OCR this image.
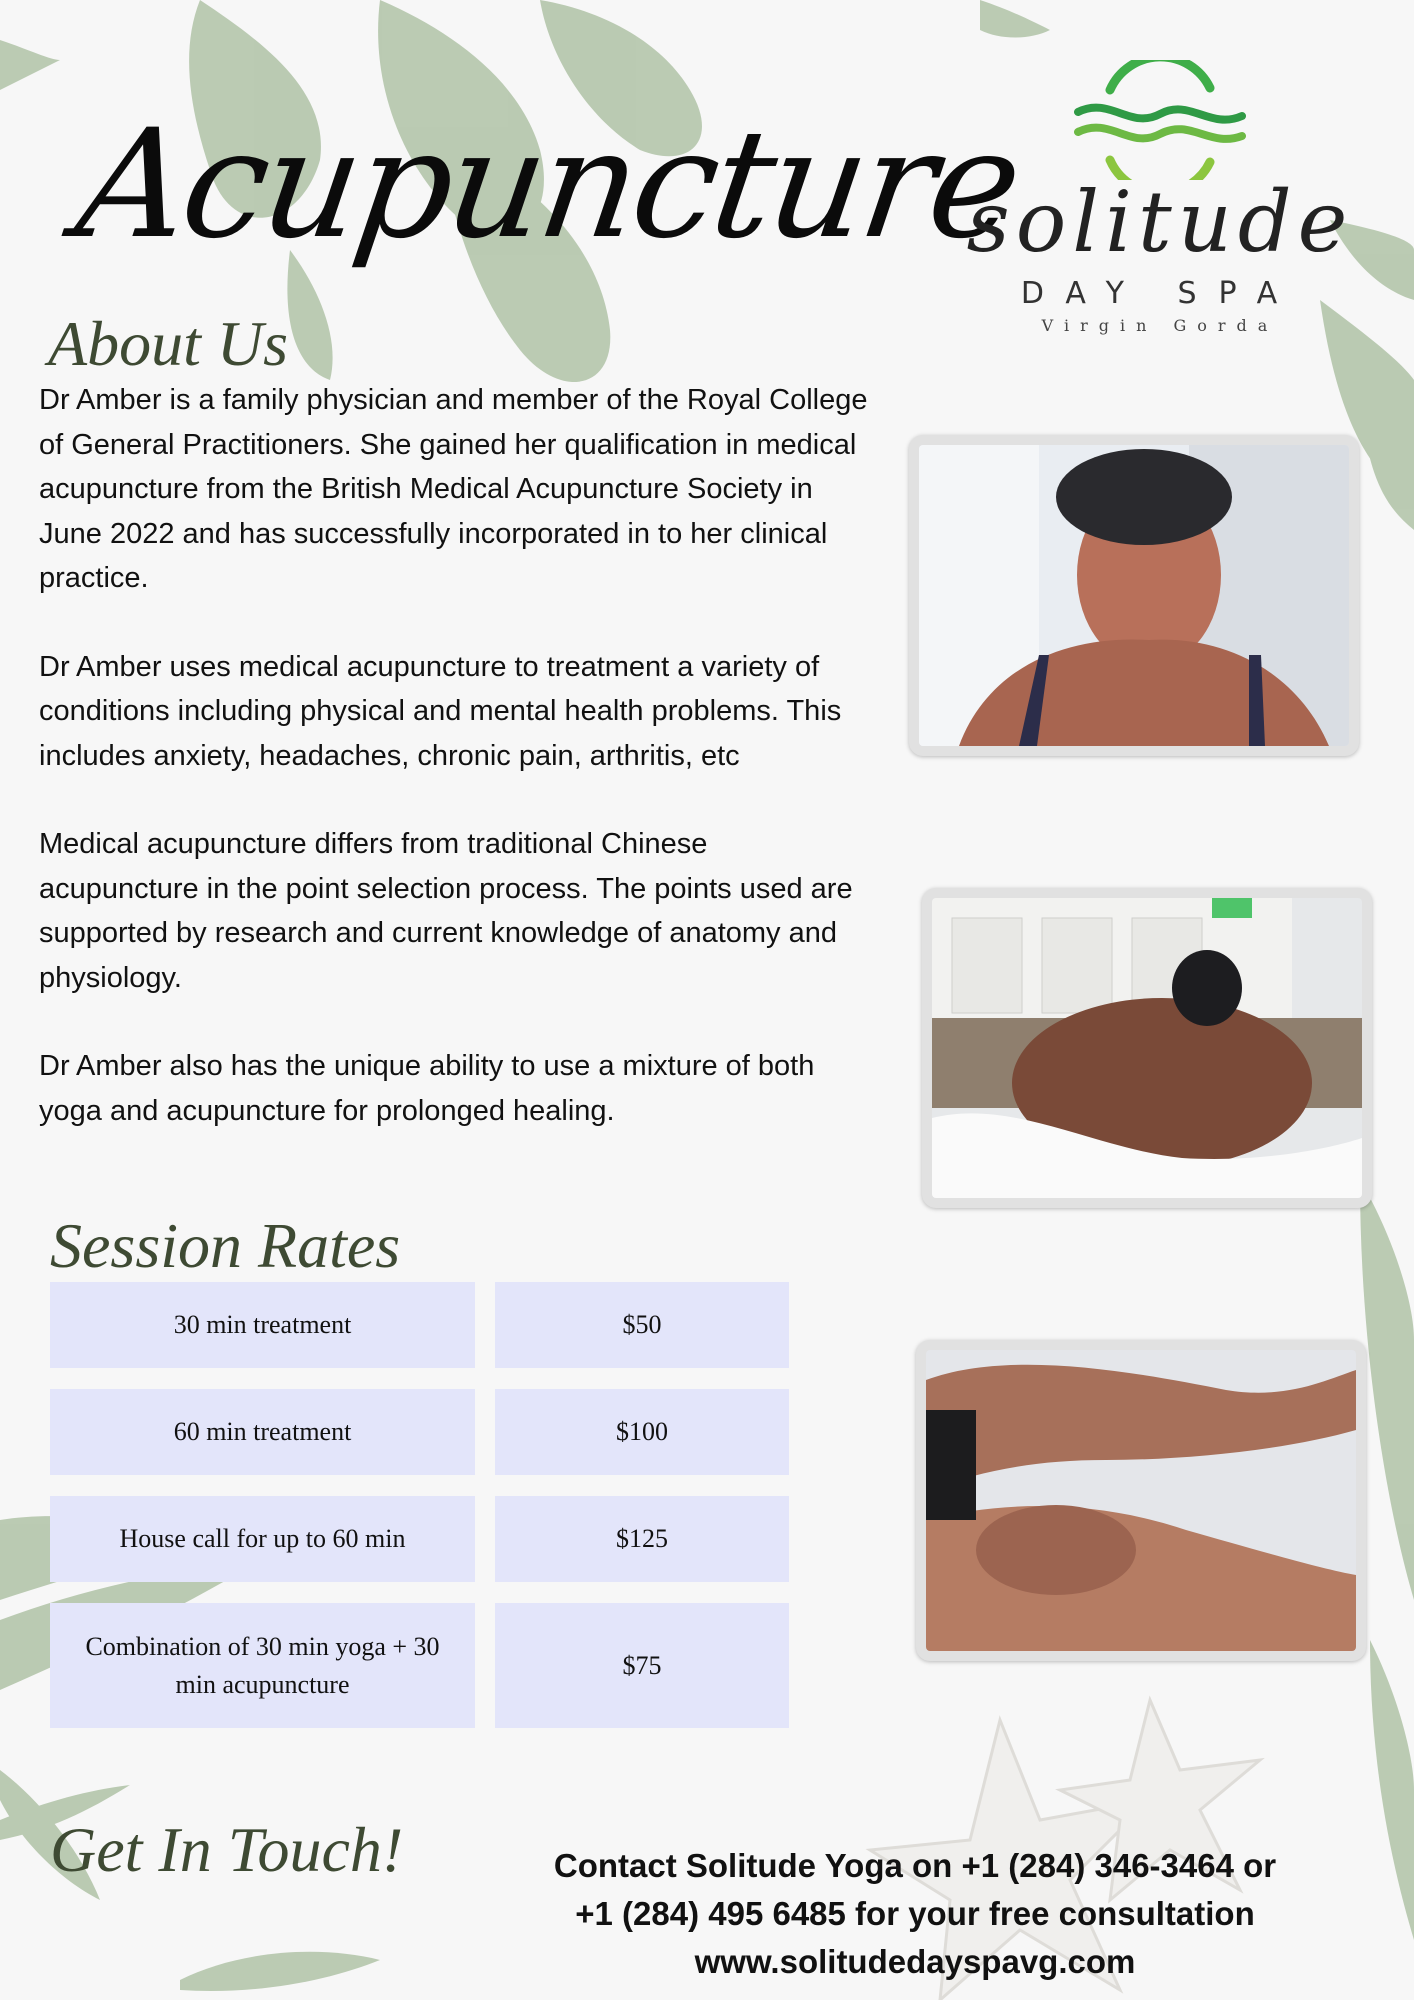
Acupuncture
solitude
DAY SPA
Virgin Gorda
About Us

Dr Amber is a family physician and member of the Royal College of General Practitioners. She gained her qualification in medical acupuncture from the British Medical Acupuncture Society in June 2022 and has successfully incorporated in to her clinical practice.

Dr Amber uses medical acupuncture to treatment a variety of conditions including physical and mental health problems. This includes anxiety, headaches, chronic pain, arthritis, etc

Medical acupuncture differs from traditional Chinese acupuncture in the point selection process. The points used are supported by research and current knowledge of anatomy and physiology.

Dr Amber also has the unique ability to use a mixture of both yoga and acupuncture for prolonged healing.

Session Rates
30 min treatment	$50
60 min treatment	$100
House call for up to 60 min	$125
Combination of 30 min yoga + 30 min acupuncture
$75
Get In Touch!	Contact Solitude Yoga on +1 (284) 346-3464 or
+1 (284) 495 6485 for your free consultation
www.solitudedayspavg.com
